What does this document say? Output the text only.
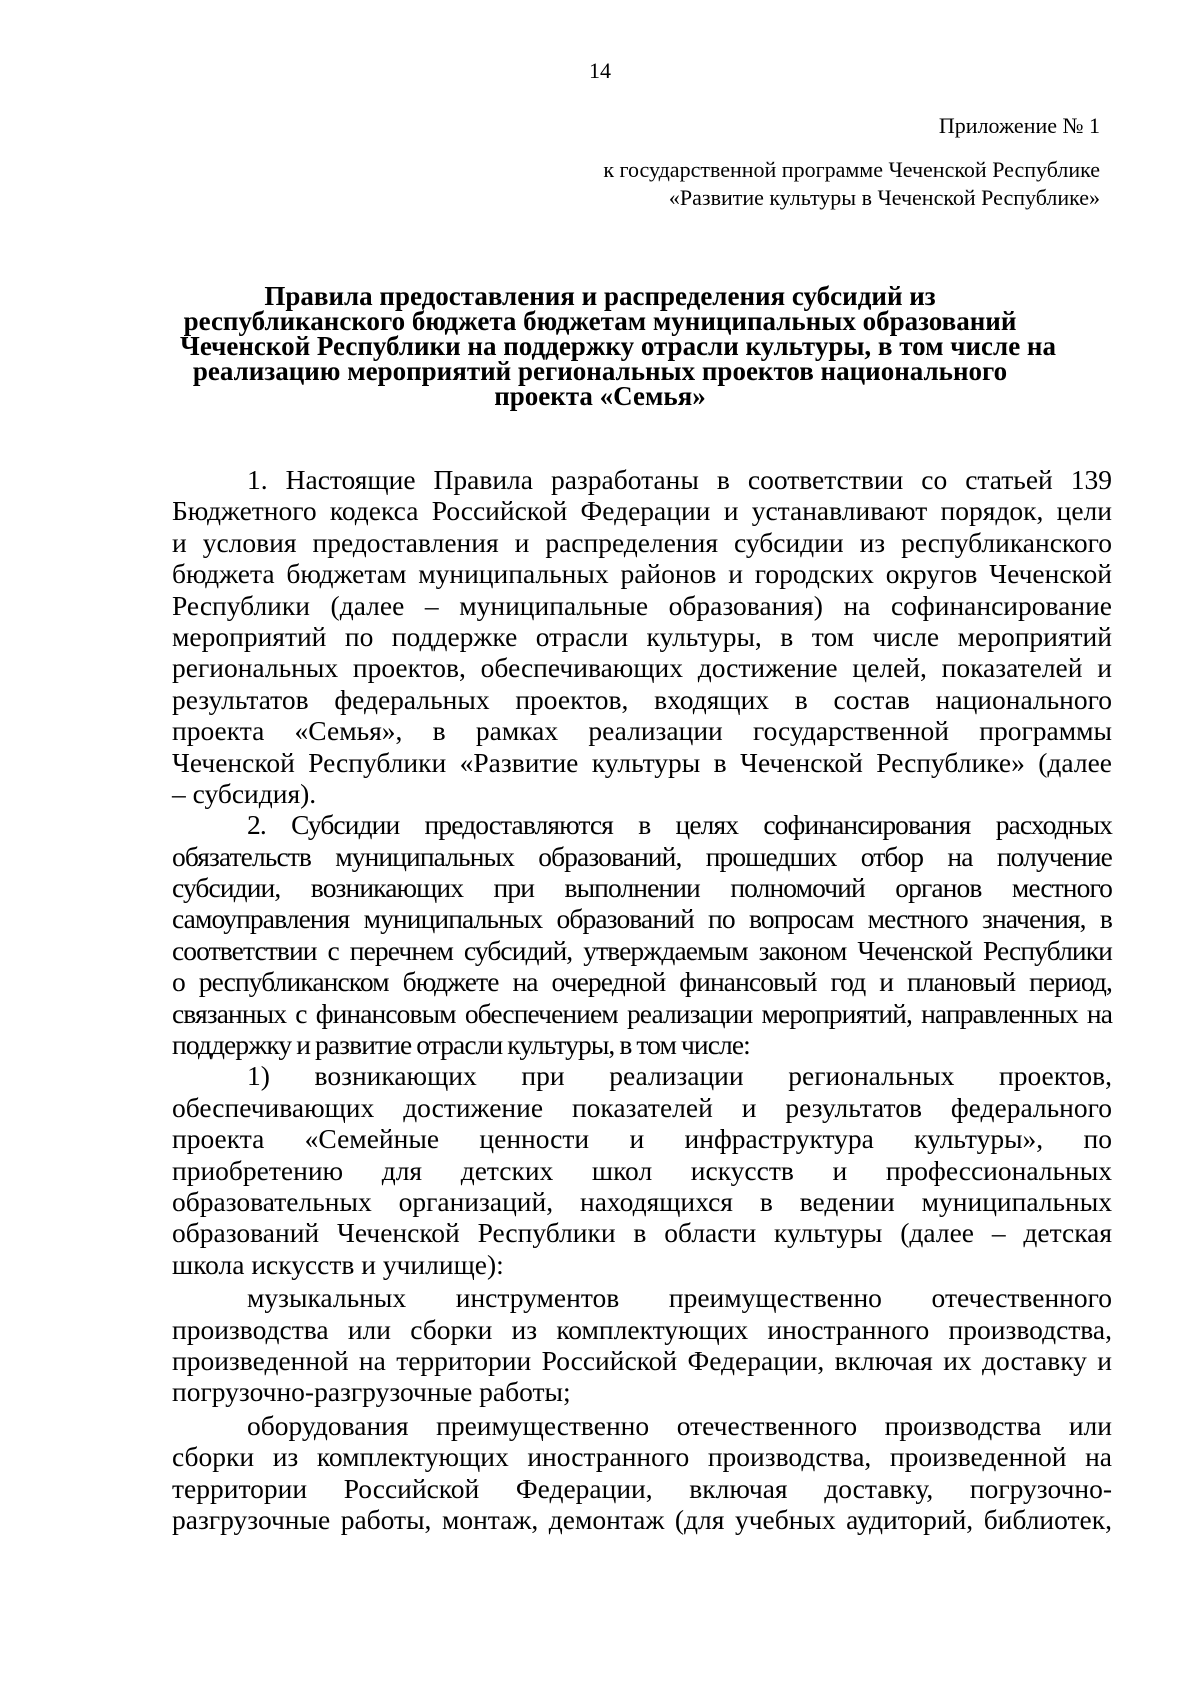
14
Приложение № 1
к государственной программе Чеченской Республике
«Развитие культуры в Чеченской Республике»
Правила предоставления и распределения субсидий из
республиканского бюджета бюджетам муниципальных образований
Чеченской Республики на поддержку отрасли культуры, в том числе на
реализацию мероприятий региональных проектов национального
проекта «Семья»
1. Настоящие Правила разработаны в соответствии со статьей 139
Бюджетного кодекса Российской Федерации и устанавливают порядок, цели
и условия предоставления и распределения субсидии из республиканского
бюджета бюджетам муниципальных районов и городских округов Чеченской
Республики (далее – муниципальные образования) на софинансирование
мероприятий по поддержке отрасли культуры, в том числе мероприятий
региональных проектов, обеспечивающих достижение целей, показателей и
результатов федеральных проектов, входящих в состав национального
проекта «Семья», в рамках реализации государственной программы
Чеченской Республики «Развитие культуры в Чеченской Республике» (далее
– субсидия).
2. Субсидии предоставляются в целях софинансирования расходных
обязательств муниципальных образований, прошедших отбор на получение
субсидии, возникающих при выполнении полномочий органов местного
самоуправления муниципальных образований по вопросам местного значения, в
соответствии с перечнем субсидий, утверждаемым законом Чеченской Республики
о республиканском бюджете на очередной финансовый год и плановый период,
связанных с финансовым обеспечением реализации мероприятий, направленных на
поддержку и развитие отрасли культуры, в том числе:
1) возникающих при реализации региональных проектов,
обеспечивающих достижение показателей и результатов федерального
проекта «Семейные ценности и инфраструктура культуры», по
приобретению для детских школ искусств и профессиональных
образовательных организаций, находящихся в ведении муниципальных
образований Чеченской Республики в области культуры (далее – детская
школа искусств и училище):
музыкальных инструментов преимущественно отечественного
производства или сборки из комплектующих иностранного производства,
произведенной на территории Российской Федерации, включая их доставку и
погрузочно-разгрузочные работы;
оборудования преимущественно отечественного производства или
сборки из комплектующих иностранного производства, произведенной на
территории Российской Федерации, включая доставку, погрузочно-
разгрузочные работы, монтаж, демонтаж (для учебных аудиторий, библиотек,
